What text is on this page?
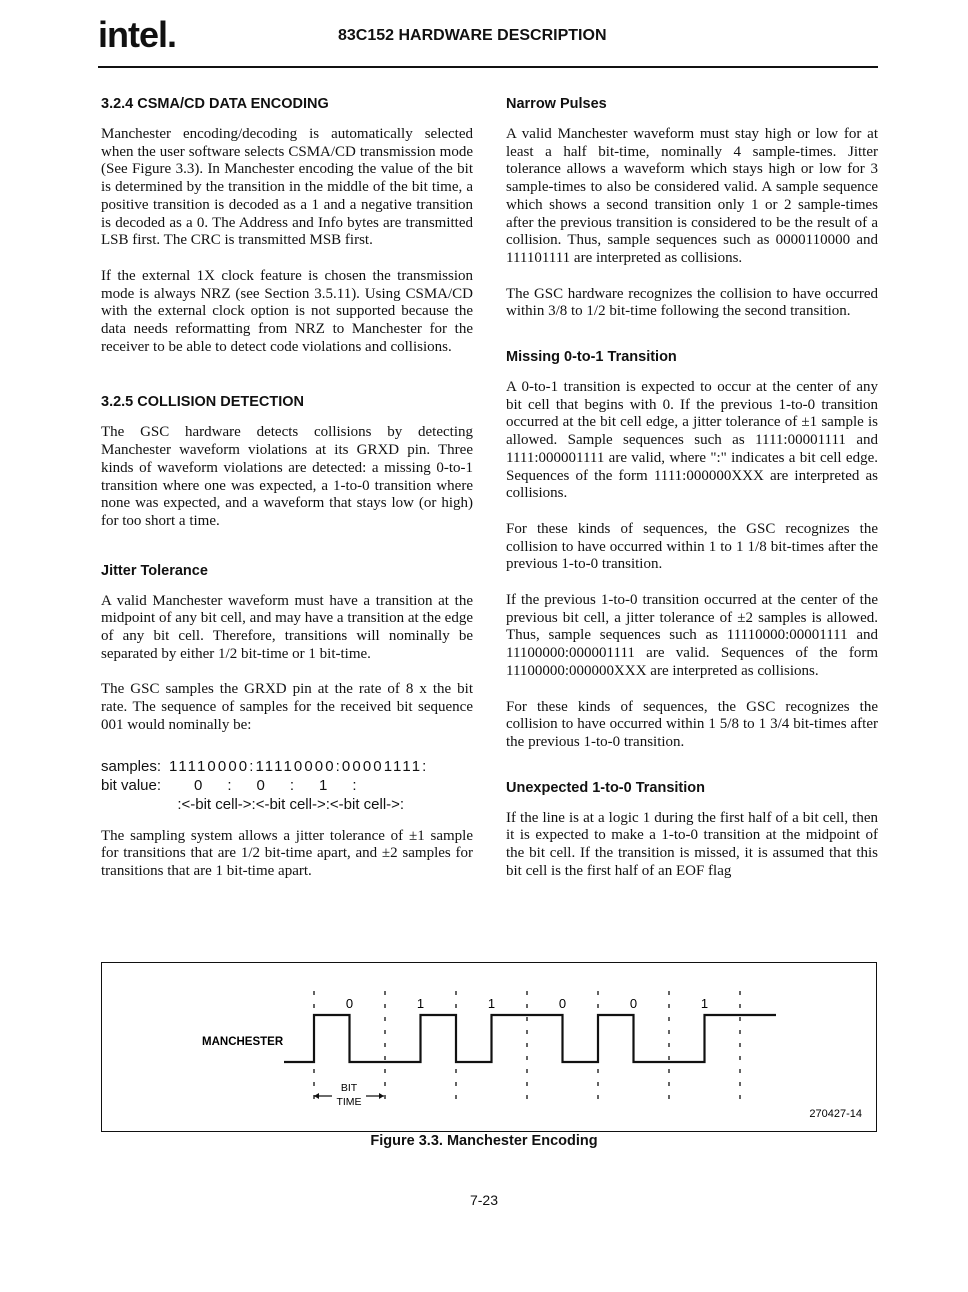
intel.	83C152 HARDWARE DESCRIPTION
3.2.4 CSMA/CD DATA ENCODING

Manchester encoding/decoding is automatically selected when the user software selects CSMA/CD transmission mode (See Figure 3.3). In Manchester encoding the value of the bit is determined by the transition in the middle of the bit time, a positive transition is decoded as a 1 and a negative transition is decoded as a 0. The Address and Info bytes are transmitted LSB first. The CRC is transmitted MSB first.

If the external 1X clock feature is chosen the transmission mode is always NRZ (see Section 3.5.11). Using CSMA/CD with the external clock option is not supported because the data needs reformatting from NRZ to Manchester for the receiver to be able to detect code violations and collisions.

3.2.5 COLLISION DETECTION

The GSC hardware detects collisions by detecting Manchester waveform violations at its GRXD pin. Three kinds of waveform violations are detected: a missing 0-to-1 transition where one was expected, a 1-to-0 transition where none was expected, and a waveform that stays low (or high) for too short a time.

Jitter Tolerance

A valid Manchester waveform must have a transition at the midpoint of any bit cell, and may have a transition at the edge of any bit cell. Therefore, transitions will nominally be separated by either 1/2 bit-time or 1 bit-time.

The GSC samples the GRXD pin at the rate of 8 x the bit rate. The sequence of samples for the received bit sequence 001 would nominally be:

samples: 11110000:11110000:00001111:
bit value: 0      :      0      :      1      :
:<-bit cell->:<-bit cell->:<-bit cell->:

The sampling system allows a jitter tolerance of ±1 sample for transitions that are 1/2 bit-time apart, and ±2 samples for transitions that are 1 bit-time apart.

Narrow Pulses

A valid Manchester waveform must stay high or low for at least a half bit-time, nominally 4 sample-times. Jitter tolerance allows a waveform which stays high or low for 3 sample-times to also be considered valid. A sample sequence which shows a second transition only 1 or 2 sample-times after the previous transition is considered to be the result of a collision. Thus, sample sequences such as 0000110000 and 111101111 are interpreted as collisions.

The GSC hardware recognizes the collision to have occurred within 3/8 to 1/2 bit-time following the second transition.

Missing 0-to-1 Transition

A 0-to-1 transition is expected to occur at the center of any bit cell that begins with 0. If the previous 1-to-0 transition occurred at the bit cell edge, a jitter tolerance of ±1 sample is allowed. Sample sequences such as 1111:00001111 and 1111:000001111 are valid, where ":" indicates a bit cell edge. Sequences of the form 1111:000000XXX are interpreted as collisions.

For these kinds of sequences, the GSC recognizes the collision to have occurred within 1 to 1 1/8 bit-times after the previous 1-to-0 transition.

If the previous 1-to-0 transition occurred at the center of the previous bit cell, a jitter tolerance of ±2 samples is allowed. Thus, sample sequences such as 11110000:00001111 and 11100000:000001111 are valid. Sequences of the form 11100000:000000XXX are interpreted as collisions.

For these kinds of sequences, the GSC recognizes the collision to have occurred within 1 5/8 to 1 3/4 bit-times after the previous 1-to-0 transition.

Unexpected 1-to-0 Transition

If the line is at a logic 1 during the first half of a bit cell, then it is expected to make a 1-to-0 transition at the midpoint of the bit cell. If the transition is missed, it is assumed that this bit cell is the first half of an EOF flag

0	1	1	0	0	1
MANCHESTER
BIT
TIME
270427-14
Figure 3.3. Manchester Encoding
7-23
